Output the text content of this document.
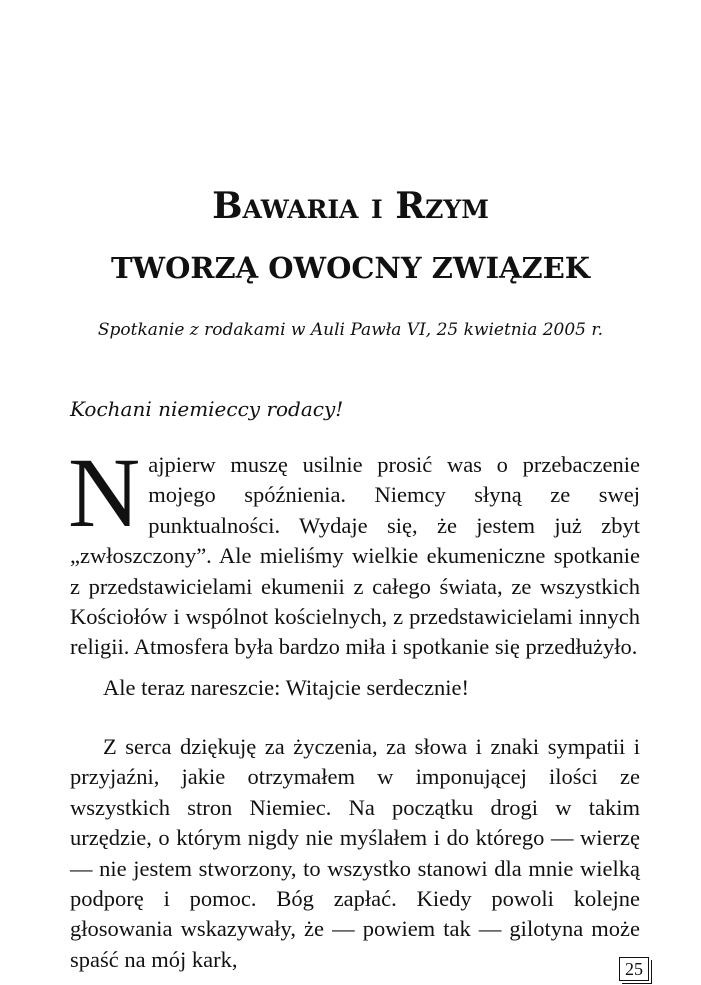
Bawaria i Rzym
TWORZĄ OWOCNY ZWIĄZEK
Spotkanie z rodakami w Auli Pawła VI, 25 kwietnia 2005 r.
Kochani niemieccy rodacy!
Najpierw muszę usilnie prosić was o przebaczenie mojego spóźnienia. Niemcy słyną ze swej punktualności. Wydaje się, że jestem już zbyt „zwłoszczony”. Ale mieliśmy wielkie ekumeniczne spotkanie z przedstawicielami ekumenii z całego świata, ze wszystkich Kościołów i wspólnot kościelnych, z przedstawicielami innych religii. Atmosfera była bardzo miła i spotkanie się przedłużyło.
Ale teraz nareszcie: Witajcie serdecznie!
Z serca dziękuję za życzenia, za słowa i znaki sympatii i przyjaźni, jakie otrzymałem w imponującej ilości ze wszystkich stron Niemiec. Na początku drogi w takim urzędzie, o którym nigdy nie myślałem i do którego — wierzę — nie jestem stworzony, to wszystko stanowi dla mnie wielką podporę i pomoc. Bóg zapłać. Kiedy powoli kolejne głosowania wskazywały, że — powiem tak — gilotyna może spaść na mój kark,	25
